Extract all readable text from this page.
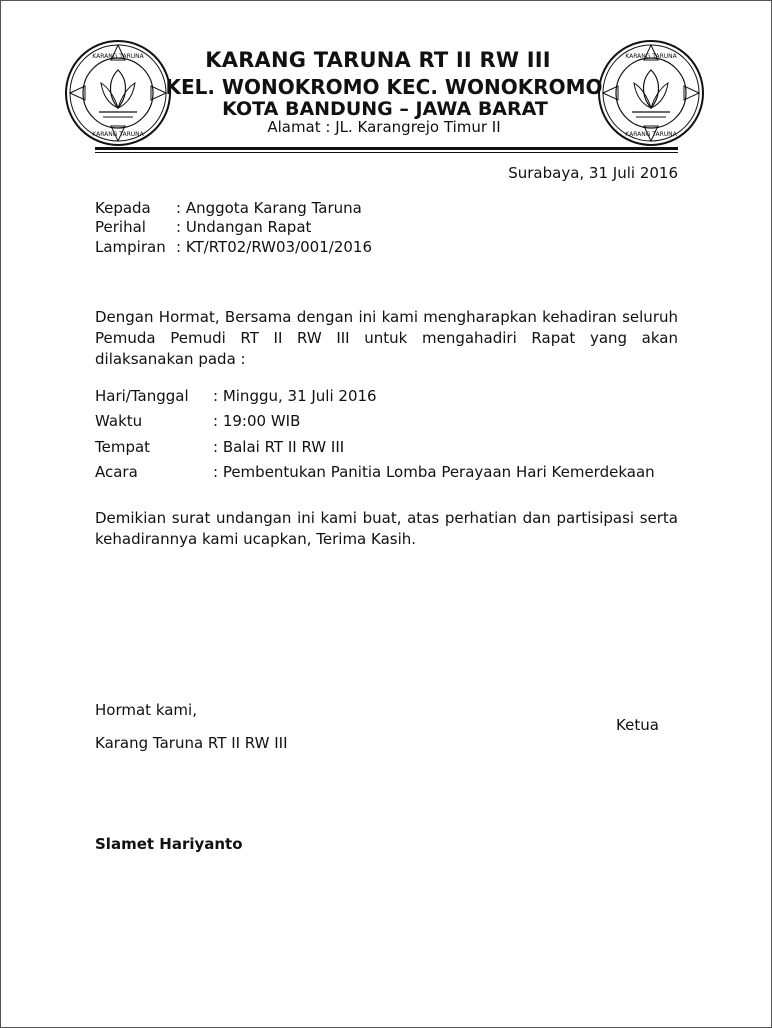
KARANG TARUNA
KARANG TARUNA
KARANG TARUNA
KARANG TARUNA
KARANG TARUNA RT II RW III
KEL. WONOKROMO KEC. WONOKROMO
KOTA BANDUNG – JAWA BARAT
Alamat : JL. Karangrejo Timur II
Surabaya, 31 Juli 2016
Kepada : Anggota Karang Taruna
Perihal : Undangan Rapat
Lampiran : KT/RT02/RW03/001/2016
Dengan Hormat, Bersama dengan ini kami mengharapkan kehadiran seluruh Pemuda Pemudi RT II RW III untuk mengahadiri Rapat yang akan dilaksanakan pada :
Hari/Tanggal : Minggu, 31 Juli 2016
Waktu	: 19:00 WIB
Tempat	: Balai RT II RW III
Acara	: Pembentukan Panitia Lomba Perayaan Hari Kemerdekaan
Demikian surat undangan ini kami buat, atas perhatian dan partisipasi serta kehadirannya kami ucapkan, Terima Kasih.
Hormat kami,
Ketua
Karang Taruna RT II RW III
Slamet Hariyanto
